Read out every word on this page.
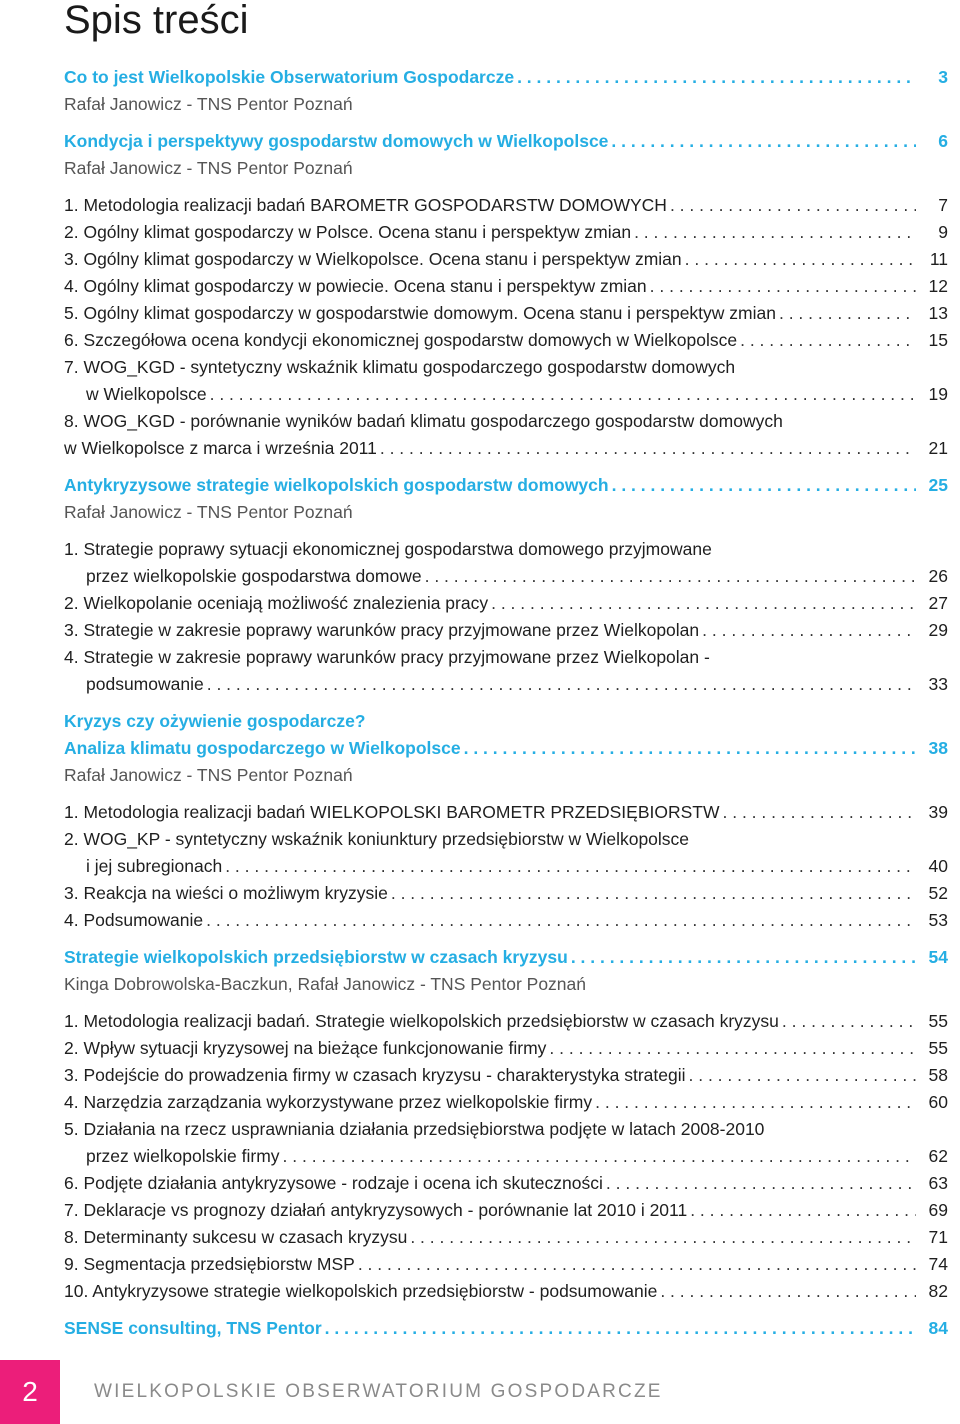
Spis treści
Co to jest Wielkopolskie Obserwatorium Gospodarcze . . .	3
Rafał Janowicz - TNS Pentor Poznań
Kondycja i perspektywy gospodarstw domowych w Wielkopolsce . . .	6
Rafał Janowicz - TNS Pentor Poznań
1. Metodologia realizacji badań BAROMETR GOSPODARSTW DOMOWYCH . . .	7
2. Ogólny klimat gospodarczy w Polsce. Ocena stanu i perspektyw zmian . . .	9
3. Ogólny klimat gospodarczy w Wielkopolsce. Ocena stanu i perspektyw zmian . . .	11
4. Ogólny klimat gospodarczy w powiecie. Ocena stanu i perspektyw zmian . . .	12
5. Ogólny klimat gospodarczy w gospodarstwie domowym. Ocena stanu i perspektyw zmian . . .	13
6. Szczegółowa ocena kondycji ekonomicznej gospodarstw domowych w Wielkopolsce . . .	15
7. WOG_KGD - syntetyczny wskaźnik klimatu gospodarczego gospodarstw domowych
w Wielkopolsce . . .	19
8. WOG_KGD - porównanie wyników badań klimatu gospodarczego gospodarstw domowych
w Wielkopolsce z marca i września 2011 . . .	21
Antykryzysowe strategie wielkopolskich gospodarstw domowych . . .	25
Rafał Janowicz - TNS Pentor Poznań
1. Strategie poprawy sytuacji ekonomicznej gospodarstwa domowego przyjmowane
przez wielkopolskie gospodarstwa domowe . . .	26
2. Wielkopolanie oceniają możliwość znalezienia pracy . . .	27
3. Strategie w zakresie poprawy warunków pracy przyjmowane przez Wielkopolan . . .	29
4. Strategie w zakresie poprawy warunków pracy przyjmowane przez Wielkopolan -
podsumowanie . . .	33
Kryzys czy ożywienie gospodarcze?
Analiza klimatu gospodarczego w Wielkopolsce . . .	38
Rafał Janowicz - TNS Pentor Poznań
1. Metodologia realizacji badań WIELKOPOLSKI BAROMETR PRZEDSIĘBIORSTW . . .	39
2. WOG_KP - syntetyczny wskaźnik koniunktury przedsiębiorstw w Wielkopolsce
i jej subregionach . . .	40
3. Reakcja na wieści o możliwym kryzysie . . .	52
4. Podsumowanie . . .	53
Strategie wielkopolskich przedsiębiorstw w czasach kryzysu . . .	54
Kinga Dobrowolska-Baczkun, Rafał Janowicz - TNS Pentor Poznań
1. Metodologia realizacji badań. Strategie wielkopolskich przedsiębiorstw w czasach kryzysu . . .	55
2. Wpływ sytuacji kryzysowej na bieżące funkcjonowanie firmy . . .	55
3. Podejście do prowadzenia firmy w czasach kryzysu - charakterystyka strategii . . .	58
4. Narzędzia zarządzania wykorzystywane przez wielkopolskie firmy . . .	60
5. Działania na rzecz usprawniania działania przedsiębiorstwa podjęte w latach 2008-2010
przez wielkopolskie firmy . . .	62
6. Podjęte działania antykryzysowe - rodzaje i ocena ich skuteczności . . .	63
7. Deklaracje vs prognozy działań antykryzysowych - porównanie lat 2010 i 2011 . . .	69
8. Determinanty sukcesu w czasach kryzysu . . .	71
9. Segmentacja przedsiębiorstw MSP . . .	74
10. Antykryzysowe strategie wielkopolskich przedsiębiorstw - podsumowanie . . .	82
SENSE consulting, TNS Pentor . . .	84
2	WIELKOPOLSKIE OBSERWATORIUM GOSPODARCZE
